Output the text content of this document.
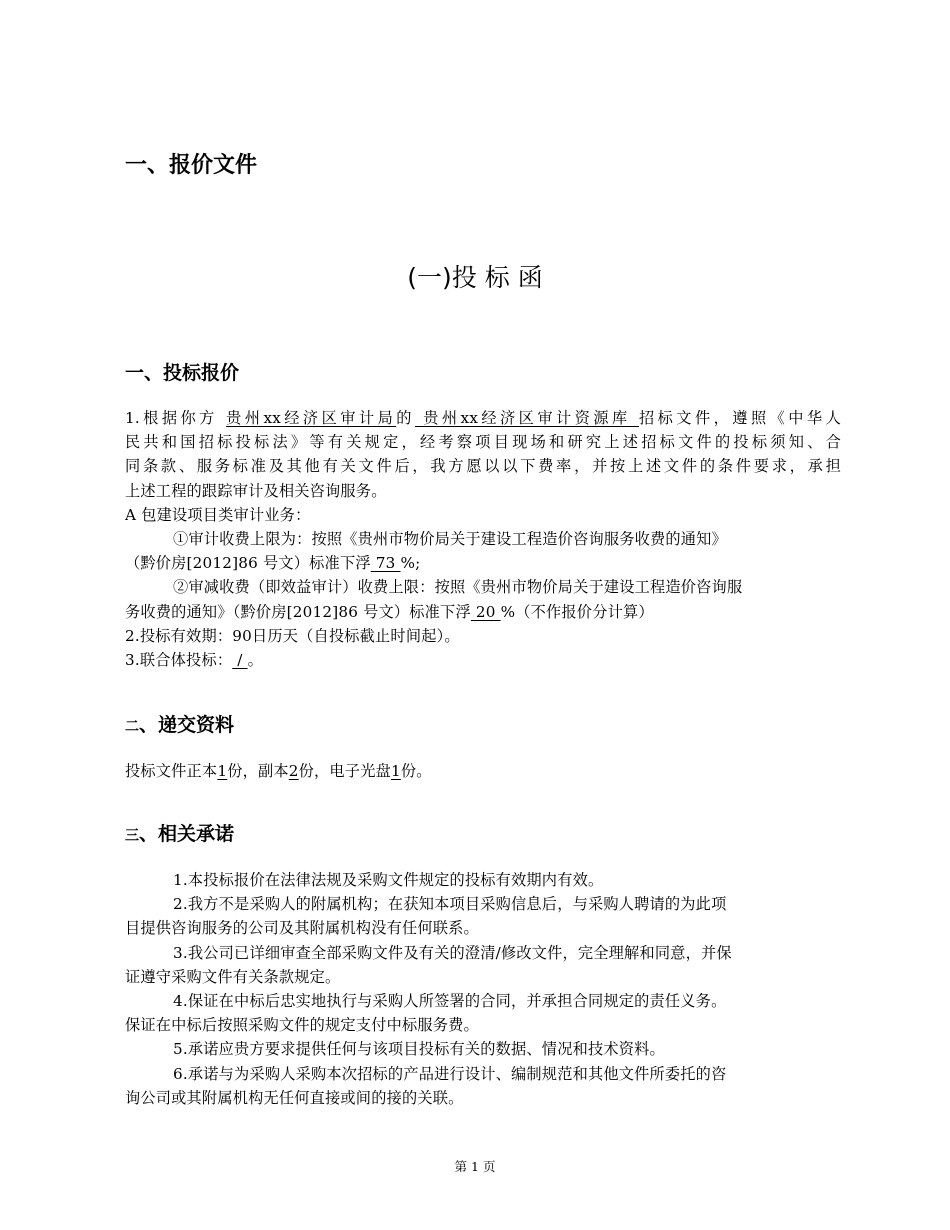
一、报价文件
(一)投 标 函
一、投标报价
1.根据你方 贵州xx经济区审计局的 贵州xx经济区审计资源库 招标文件，遵照《中华人
民共和国招标投标法》等有关规定，经考察项目现场和研究上述招标文件的投标须知、合
同条款、服务标准及其他有关文件后，我方愿以以下费率，并按上述文件的条件要求，承担
上述工程的跟踪审计及相关咨询服务。
A 包建设项目类审计业务：
①审计收费上限为：按照《贵州市物价局关于建设工程造价咨询服务收费的通知》
（黔价房[2012]86 号文）标准下浮 73 %;
②审减收费（即效益审计）收费上限：按照《贵州市物价局关于建设工程造价咨询服
务收费的通知》（黔价房[2012]86 号文）标准下浮 20 %（不作报价分计算）
2.投标有效期：90日历天（自投标截止时间起）。
3.联合体投标： / 。
二、递交资料
投标文件正本1份，副本2份，电子光盘1份。
三、相关承诺
1.本投标报价在法律法规及采购文件规定的投标有效期内有效。
2.我方不是采购人的附属机构；在获知本项目采购信息后，与采购人聘请的为此项
目提供咨询服务的公司及其附属机构没有任何联系。
3.我公司已详细审查全部采购文件及有关的澄清/修改文件，完全理解和同意，并保
证遵守采购文件有关条款规定。
4.保证在中标后忠实地执行与采购人所签署的合同，并承担合同规定的责任义务。
保证在中标后按照采购文件的规定支付中标服务费。
5.承诺应贵方要求提供任何与该项目投标有关的数据、情况和技术资料。
6.承诺与为采购人采购本次招标的产品进行设计、编制规范和其他文件所委托的咨
询公司或其附属机构无任何直接或间的接的关联。
第 1 页
